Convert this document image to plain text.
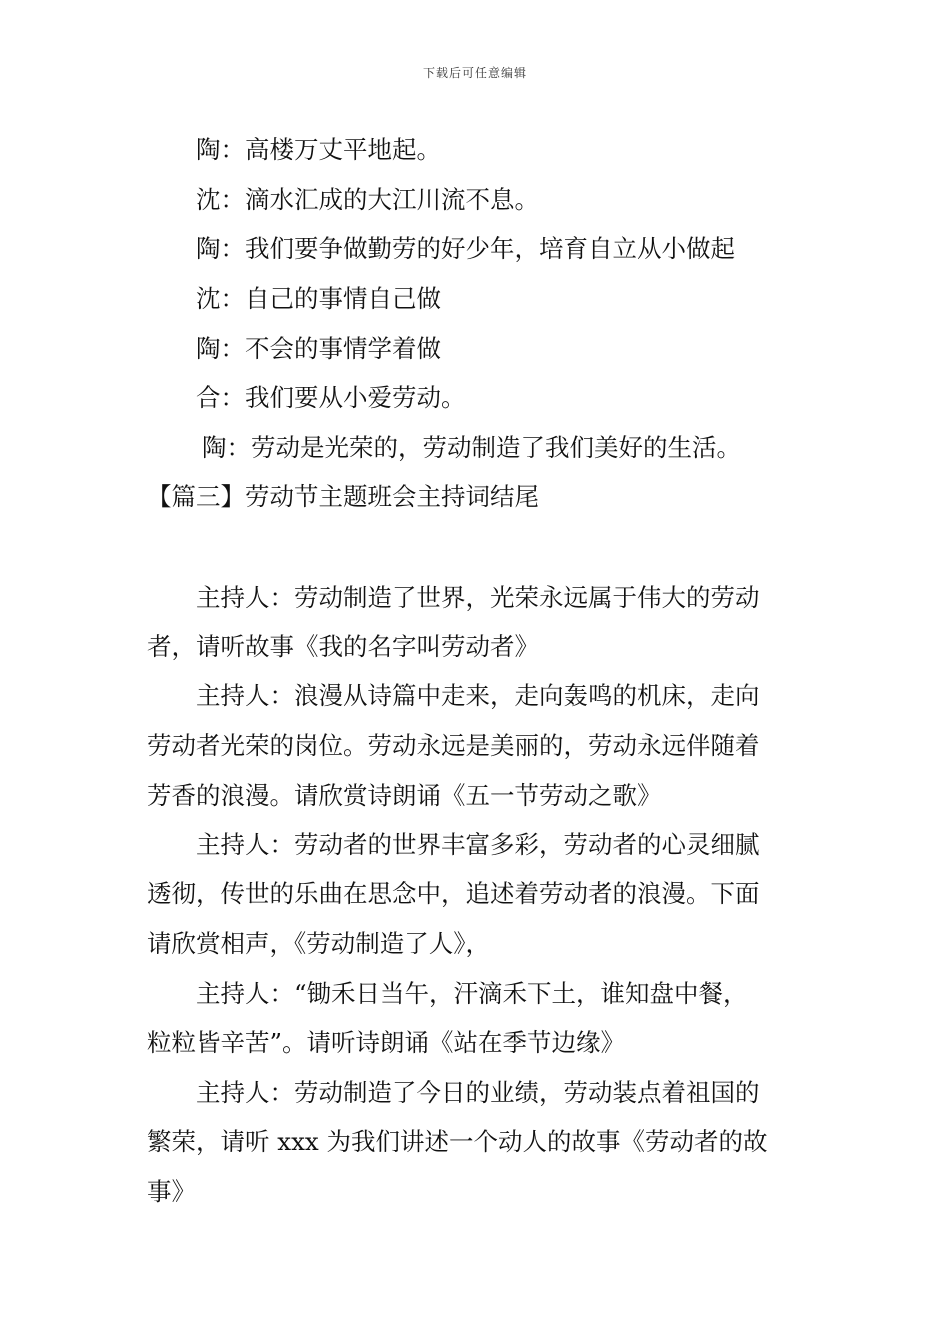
下载后可任意编辑
陶：高楼万丈平地起。
沈：滴水汇成的大江川流不息。
陶：我们要争做勤劳的好少年，培育自立从小做起
沈：自己的事情自己做
陶：不会的事情学着做
合：我们要从小爱劳动。
陶：劳动是光荣的，劳动制造了我们美好的生活。
【篇三】劳动节主题班会主持词结尾
主持人：劳动制造了世界，光荣永远属于伟大的劳动
者，请听故事《我的名字叫劳动者》
主持人：浪漫从诗篇中走来，走向轰鸣的机床，走向
劳动者光荣的岗位。劳动永远是美丽的，劳动永远伴随着
芳香的浪漫。请欣赏诗朗诵《五一节劳动之歌》
主持人：劳动者的世界丰富多彩，劳动者的心灵细腻
透彻，传世的乐曲在思念中，追述着劳动者的浪漫。下面
请欣赏相声，《劳动制造了人》，
主持人：“锄禾日当午，汗滴禾下土，谁知盘中餐，
粒粒皆辛苦”。请听诗朗诵《站在季节边缘》
主持人：劳动制造了今日的业绩，劳动装点着祖国的
繁荣，请听 xxx 为我们讲述一个动人的故事《劳动者的故
事》
